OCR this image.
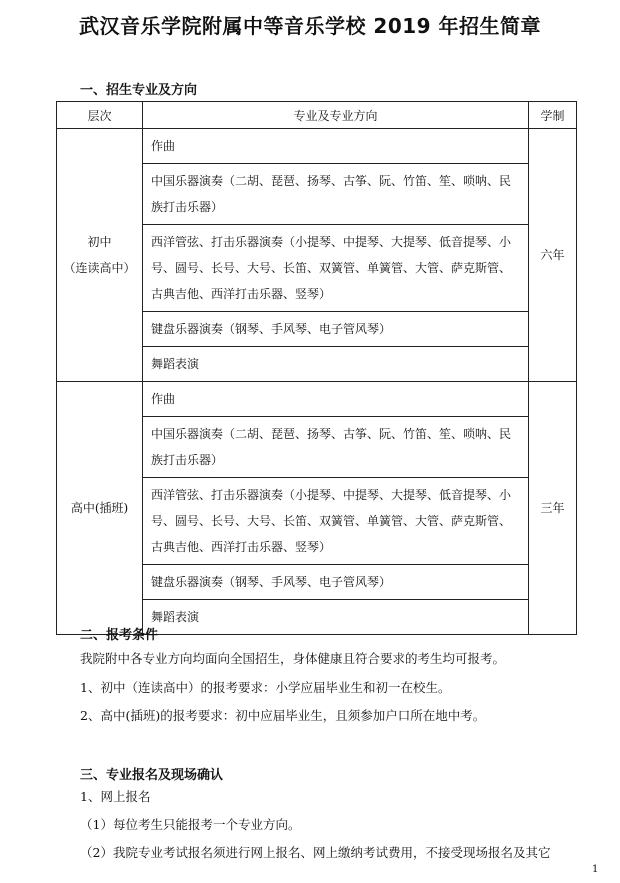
武汉音乐学院附属中等音乐学校 2019 年招生简章
一、招生专业及方向
层次	专业及专业方向	学制

初中
（连读高中）	作曲	六年
	中国乐器演奏（二胡、琵琶、扬琴、古筝、阮、竹笛、笙、唢呐、民族打击乐器）	
	西洋管弦、打击乐器演奏（小提琴、中提琴、大提琴、低音提琴、小号、圆号、长号、大号、长笛、双簧管、单簧管、大管、萨克斯管、古典吉他、西洋打击乐器、竖琴）	
	键盘乐器演奏（钢琴、手风琴、电子管风琴）	
	舞蹈表演	

高中(插班)	作曲	三年
	中国乐器演奏（二胡、琵琶、扬琴、古筝、阮、竹笛、笙、唢呐、民族打击乐器）	
	西洋管弦、打击乐器演奏（小提琴、中提琴、大提琴、低音提琴、小号、圆号、长号、大号、长笛、双簧管、单簧管、大管、萨克斯管、古典吉他、西洋打击乐器、竖琴）	
	键盘乐器演奏（钢琴、手风琴、电子管风琴）	
	舞蹈表演	
二、报考条件
我院附中各专业方向均面向全国招生，身体健康且符合要求的考生均可报考。
1、初中（连读高中）的报考要求：小学应届毕业生和初一在校生。
2、高中(插班)的报考要求：初中应届毕业生，且须参加户口所在地中考。
三、专业报名及现场确认
1、网上报名
（1）每位考生只能报考一个专业方向。
（2）我院专业考试报名须进行网上报名、网上缴纳考试费用，不接受现场报名及其它
1
